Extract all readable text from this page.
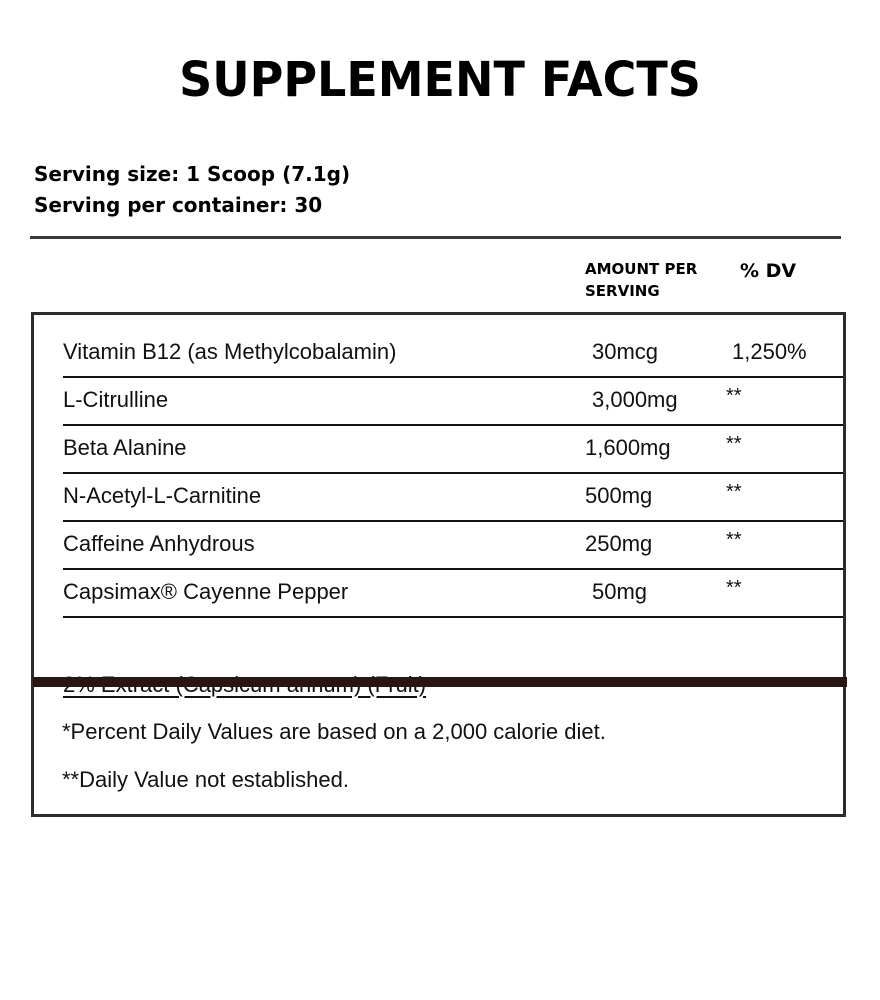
SUPPLEMENT FACTS
Serving size: 1 Scoop (7.1g)
Serving per container: 30
AMOUNT PER
SERVING
% DV
Vitamin B12 (as Methylcobalamin)	30mcg	1,250%
L-Citrulline	3,000mg **
Beta Alanine	1,600mg	**
N-Acetyl-L-Carnitine	500mg	**
Caffeine Anhydrous	250mg	**
Capsimax® Cayenne Pepper	50mg	**
*Percent Daily Values are based on a 2,000 calorie diet.
**Daily Value not established.
